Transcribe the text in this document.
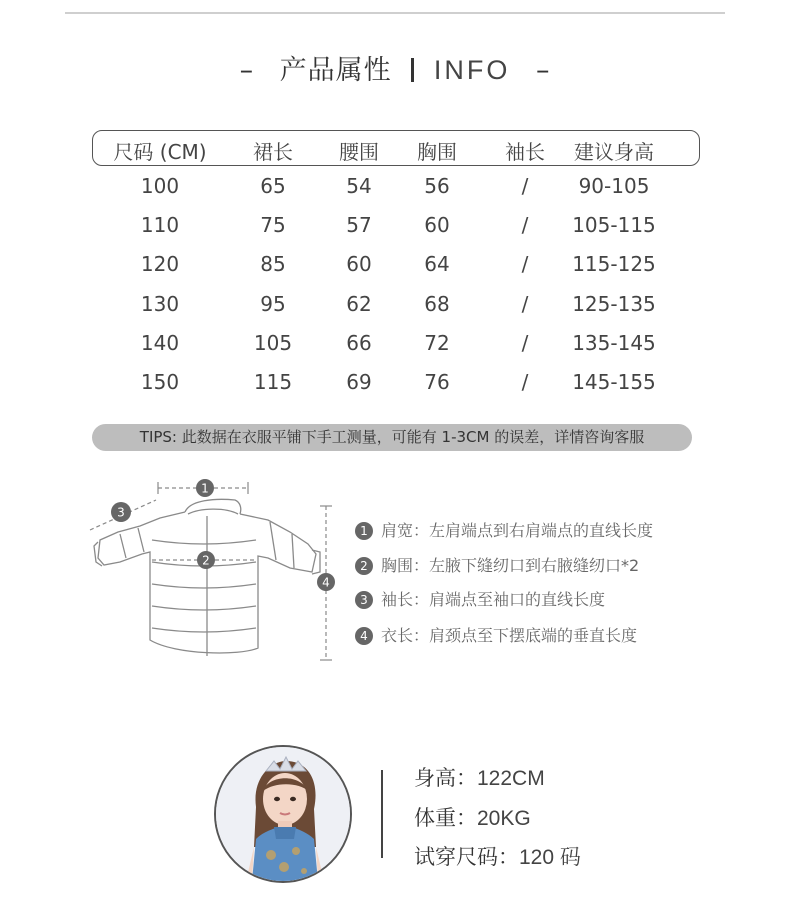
– 产品属性 INFO –
尺码 (CM)	裙长	腰围	胸围	袖长	建议身高
100	65	54	56	/	90-105
110	75	57	60	/	105-115
120	85	60	64	/	115-125
130	95	62	68	/	125-135
140	105	66	72	/	135-145
150	115	69	76	/	145-155
TIPS: 此数据在衣服平铺下手工测量，可能有 1-3CM 的误差，详情咨询客服
1
2
3
4
1 肩宽：左肩端点到右肩端点的直线长度
2 胸围：左腋下缝纫口到右腋缝纫口*2
3 袖长：肩端点至袖口的直线长度
4 衣长：肩颈点至下摆底端的垂直长度
身高：122CM
体重：20KG
试穿尺码：120 码
